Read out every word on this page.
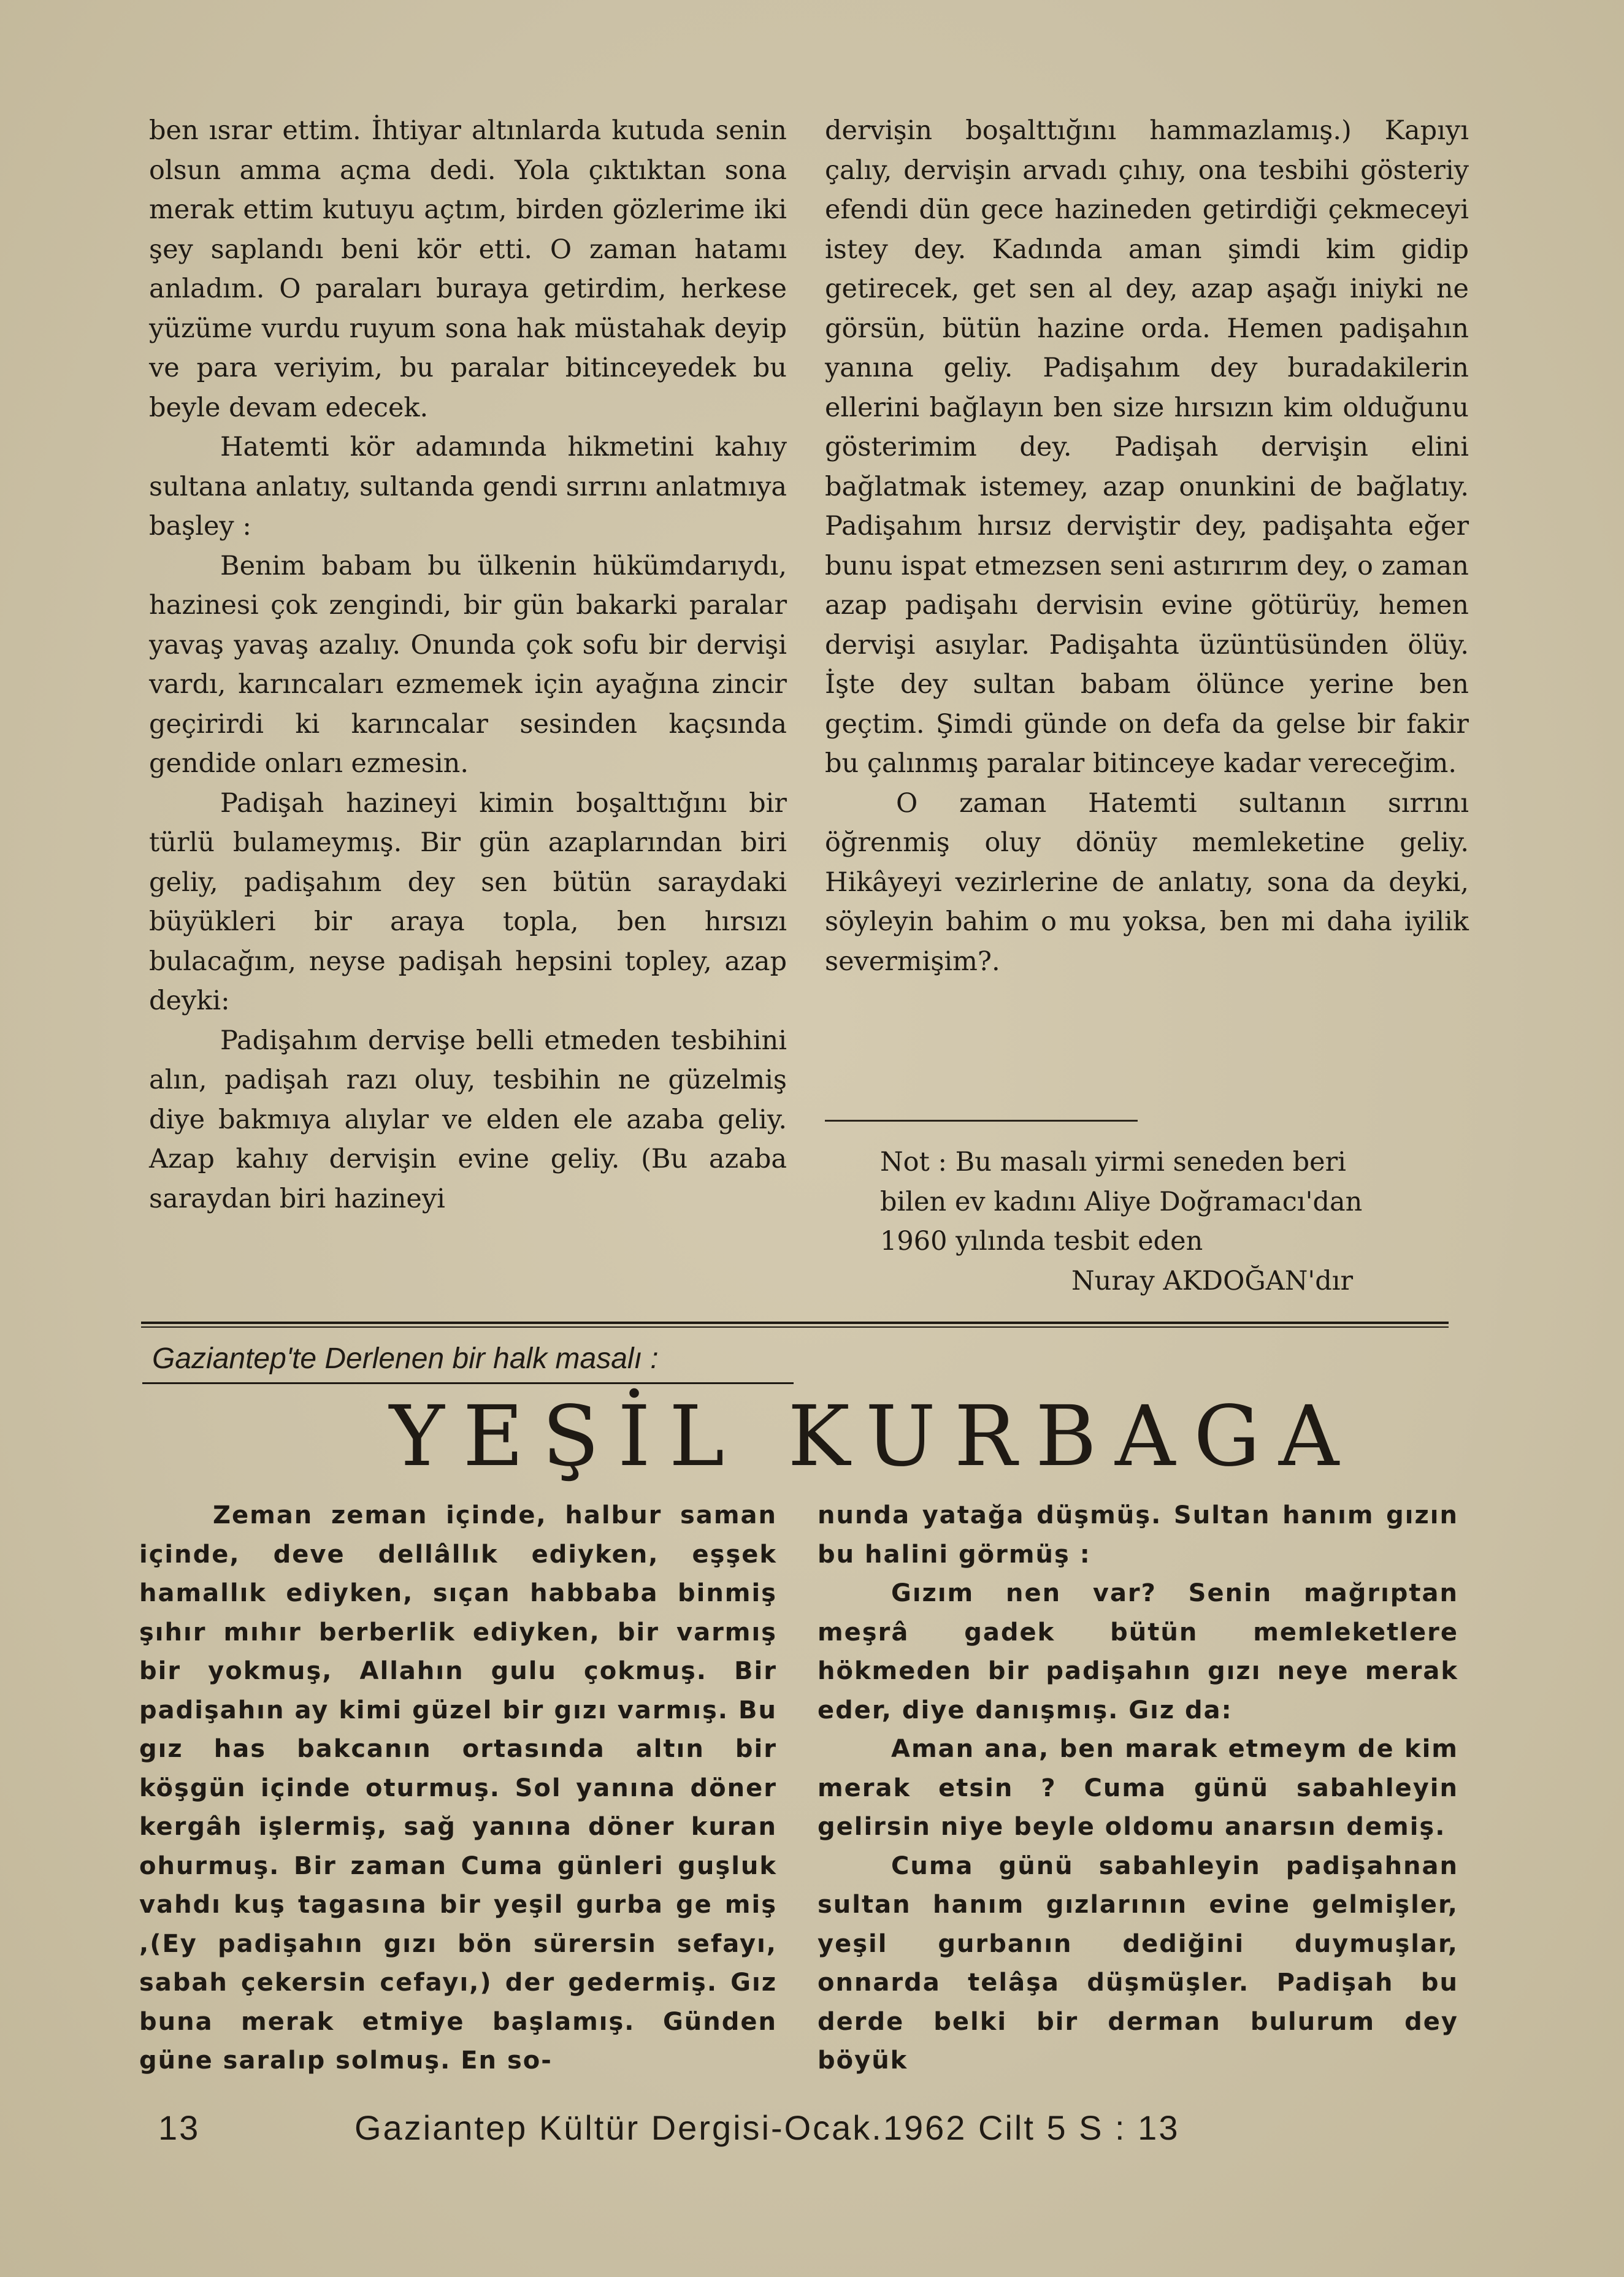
ben ısrar ettim. İhtiyar altınlarda kutuda senin olsun amma açma dedi. Yola çıktıktan sona merak ettim kutuyu açtım, birden gözlerime iki şey saplandı beni kör etti. O zaman hatamı anladım. O paraları buraya getirdim, herkese yüzüme vurdu ruyum sona hak müstahak deyip ve para veriyim, bu paralar bitinceyedek bu beyle devam edecek.

Hatemti kör adamında hikmetini kahıy sultana anlatıy, sultanda gendi sırrını anlatmıya başley :

Benim babam bu ülkenin hükümdarıydı, hazinesi çok zengindi, bir gün bakarki paralar yavaş yavaş azalıy. Onunda çok sofu bir dervişi vardı, karıncaları ezmemek için ayağına zincir geçirirdi ki karıncalar sesinden kaçsında gendide onları ezmesin.

Padişah hazineyi kimin boşalttığını bir türlü bulameymış. Bir gün azaplarından biri geliy, padişahım dey sen bütün saraydaki büyükleri bir araya topla, ben hırsızı bulacağım, neyse padişah hepsini topley, azap deyki:

Padişahım dervişe belli etmeden tesbihini alın, padişah razı oluy, tesbihin ne güzelmiş diye bakmıya alıylar ve elden ele azaba geliy. Azap kahıy dervişin evine geliy. (Bu azaba saraydan biri hazineyi

dervişin boşalttığını hammazlamış.) Kapıyı çalıy, dervişin arvadı çıhıy, ona tesbihi gösteriy efendi dün gece hazineden getirdiği çekmeceyi istey dey. Kadında aman şimdi kim gidip getirecek, get sen al dey, azap aşağı iniyki ne görsün, bütün hazine orda. Hemen padişahın yanına geliy. Padişahım dey buradakilerin ellerini bağlayın ben size hırsızın kim olduğunu gösterimim dey. Padişah dervişin elini bağlatmak istemey, azap onunkini de bağlatıy. Padişahım hırsız derviştir dey, padişahta eğer bunu ispat etmezsen seni astırırım dey, o zaman azap padişahı dervisin evine götürüy, hemen dervişi asıylar. Padişahta üzüntüsünden ölüy. İşte dey sultan babam ölünce yerine ben geçtim. Şimdi günde on defa da gelse bir fakir bu çalınmış paralar bitinceye kadar vereceğim.

O zaman Hatemti sultanın sırrını öğrenmiş oluy dönüy memleketine geliy. Hikâyeyi vezirlerine de anlatıy, sona da deyki, söyleyin bahim o mu yoksa, ben mi daha iyilik severmişim?.

Not : Bu masalı yirmi seneden beri
bilen ev kadını Aliye Doğramacı'dan
1960 yılında tesbit eden
Nuray AKDOĞAN'dır
Gaziantep'te Derlenen bir halk masalı :
YEŞİL KURBAGA

Zeman zeman içinde, halbur saman içinde, deve dellâllık ediyken, eşşek hamallık ediyken, sıçan habbaba binmiş şıhır mıhır berberlik ediyken, bir varmış bir yokmuş, Allahın gulu çokmuş. Bir padişahın ay kimi güzel bir gızı varmış. Bu gız has bakcanın ortasında altın bir köşgün içinde oturmuş. Sol yanına döner kergâh işlermiş, sağ yanına döner kuran ohurmuş. Bir zaman Cuma günleri guşluk vahdı kuş tagasına bir yeşil gurba ge miş ,(Ey padişahın gızı bön sürersin sefayı, sabah çekersin cefayı,) der gedermiş. Gız buna merak etmiye başlamış. Günden güne saralıp solmuş. En so-

nunda yatağa düşmüş. Sultan hanım gızın bu halini görmüş :

Gızım nen var? Senin mağrıptan meşrâ gadek bütün memleketlere hökmeden bir padişahın gızı neye merak eder, diye danışmış. Gız da:

Aman ana, ben marak etmeym de kim merak etsin ? Cuma günü sabahleyin gelirsin niye beyle oldomu anarsın demiş.

Cuma günü sabahleyin padişahnan sultan hanım gızlarının evine gelmişler, yeşil gurbanın dediğini duymuşlar, onnarda telâşa düşmüşler. Padişah bu derde belki bir derman bulurum dey böyük

13	Gaziantep Kültür Dergisi-Ocak.1962 Cilt 5 S : 13
